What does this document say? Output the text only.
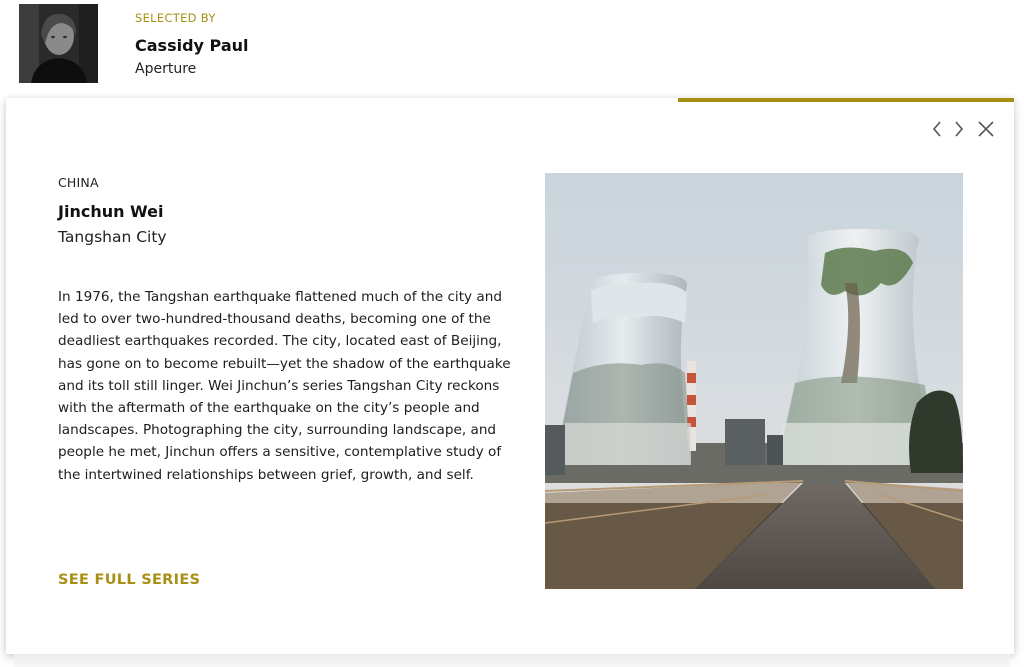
SELECTED BY
Cassidy Paul
Aperture
CHINA
Jinchun Wei
Tangshan City

In 1976, the Tangshan earthquake flattened much of the city and led to over two-hundred-thousand deaths, becoming one of the deadliest earthquakes recorded. The city, located east of Beijing, has gone on to become rebuilt—yet the shadow of the earthquake and its toll still linger. Wei Jinchun’s series Tangshan City reckons with the aftermath of the earthquake on the city’s people and landscapes. Photographing the city, surrounding landscape, and people he met, Jinchun offers a sensitive, contemplative study of the intertwined relationships between grief, growth, and self.

SEE FULL SERIES
